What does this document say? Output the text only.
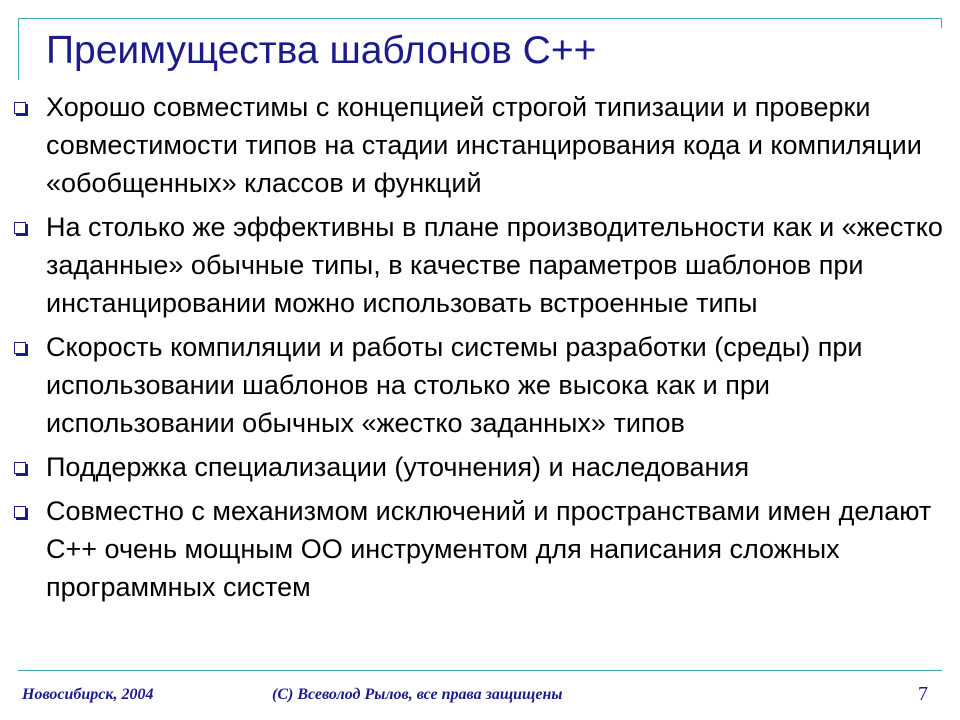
Преимущества шаблонов C++
Хорошо совместимы с концепцией строгой типизации и проверки совместимости типов на стадии инстанцирования кода и компиляции «обобщенных» классов и функций
На столько же эффективны в плане производительности как и «жестко заданные» обычные типы, в качестве параметров шаблонов при инстанцировании можно использовать встроенные типы
Скорость компиляции и работы системы разработки (среды) при использовании шаблонов на столько же высока как и при использовании обычных «жестко заданных» типов
Поддержка специализации (уточнения) и наследования
Совместно с механизмом исключений и пространствами имен делают C++ очень мощным ОО инструментом для написания сложных программных систем
Новосибирск, 2004	(C) Всеволод Рылов, все права защищены	7
